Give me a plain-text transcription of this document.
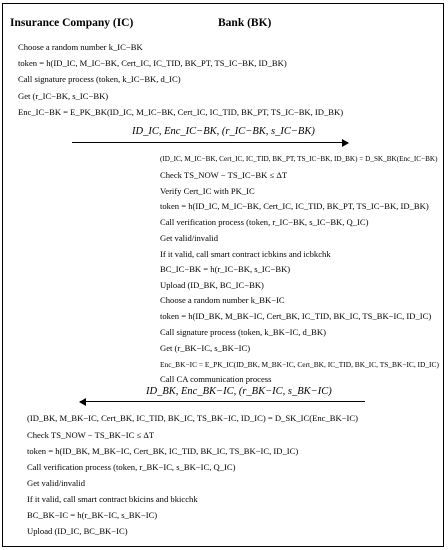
Insurance Company (IC)	Bank (BK)
Choose a random number k_IC−BK
token = h(ID_IC, M_IC−BK, Cert_IC, IC_TID, BK_PT, TS_IC−BK, ID_BK)
Call signature process (token, k_IC−BK, d_IC)
Get (r_IC−BK, s_IC−BK)
Enc_IC−BK = E_PK_BK(ID_IC, M_IC−BK, Cert_IC, IC_TID, BK_PT, TS_IC−BK, ID_BK)
ID_IC, Enc_IC−BK, (r_IC−BK, s_IC−BK)
(ID_IC, M_IC−BK, Cert_IC, IC_TID, BK_PT, TS_IC−BK, ID_BK) = D_SK_BK(Enc_IC−BK)
Check TS_NOW − TS_IC−BK ≤ ΔT
Verify Cert_IC with PK_IC
token = h(ID_IC, M_IC−BK, Cert_IC, IC_TID, BK_PT, TS_IC−BK, ID_BK)
Call verification process (token, r_IC−BK, s_IC−BK, Q_IC)
Get valid/invalid
If it valid, call smart contract icbkins and icbkchk
BC_IC−BK = h(r_IC−BK, s_IC−BK)
Upload (ID_BK, BC_IC−BK)
Choose a random number k_BK−IC
token = h(ID_BK, M_BK−IC, Cert_BK, IC_TID, BK_IC, TS_BK−IC, ID_IC)
Call signature process (token, k_BK−IC, d_BK)
Get (r_BK−IC, s_BK−IC)
Enc_BK−IC = E_PK_IC(ID_BK, M_BK−IC, Cert_BK, IC_TID, BK_IC, TS_BK−IC, ID_IC)
Call CA communication process
ID_BK, Enc_BK−IC, (r_BK−IC, s_BK−IC)
(ID_BK, M_BK−IC, Cert_BK, IC_TID, BK_IC, TS_BK−IC, ID_IC) = D_SK_IC(Enc_BK−IC)
Check TS_NOW − TS_BK−IC ≤ ΔT
token = h(ID_BK, M_BK−IC, Cert_BK, IC_TID, BK_IC, TS_BK−IC, ID_IC)
Call verification process (token, r_BK−IC, s_BK−IC, Q_IC)
Get valid/invalid
If it valid, call smart contract bkicins and bkicchk
BC_BK−IC = h(r_BK−IC, s_BK−IC)
Upload (ID_IC, BC_BK−IC)
